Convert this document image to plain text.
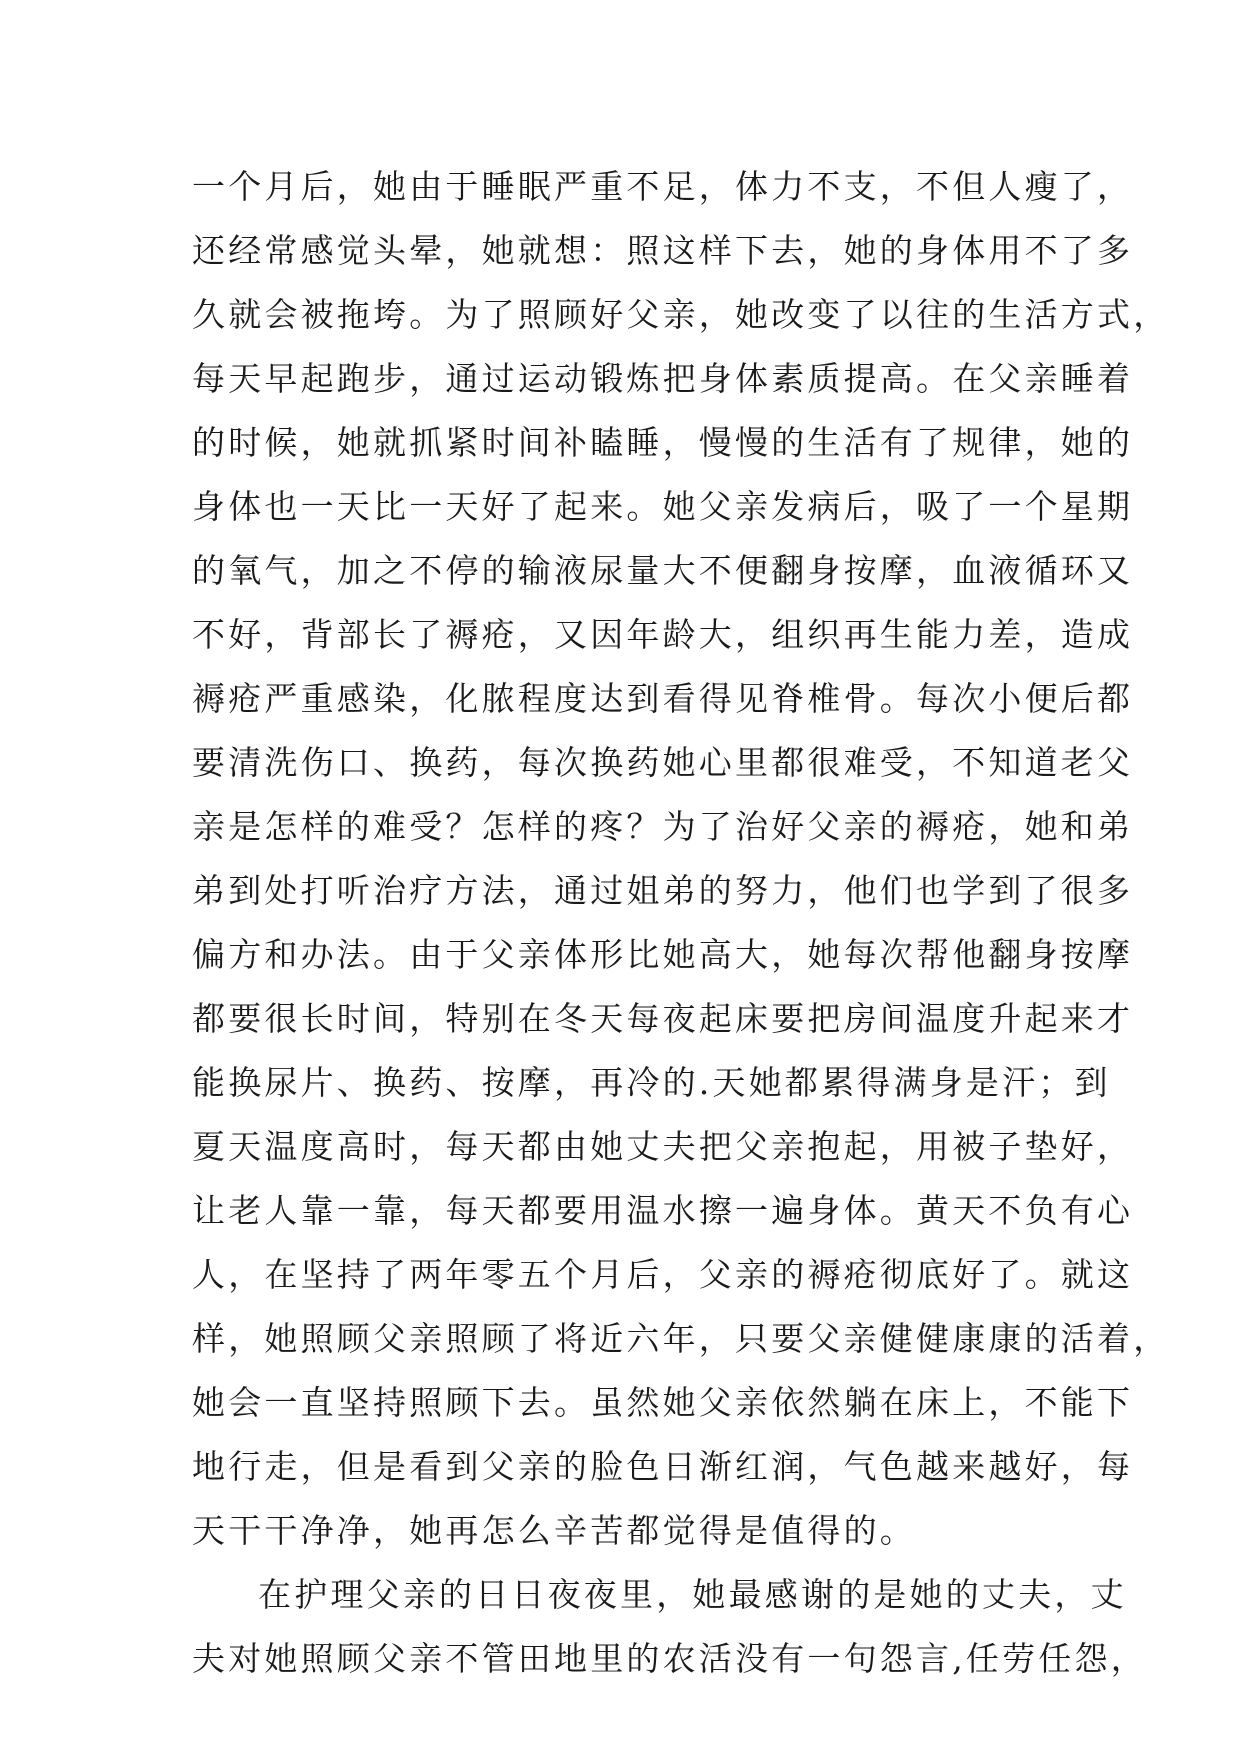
一个月后，她由于睡眠严重不足，体力不支，不但人瘦了，
还经常感觉头晕，她就想：照这样下去，她的身体用不了多
久就会被拖垮。为了照顾好父亲，她改变了以往的生活方式，
每天早起跑步，通过运动锻炼把身体素质提高。在父亲睡着
的时候，她就抓紧时间补瞌睡，慢慢的生活有了规律，她的
身体也一天比一天好了起来。她父亲发病后，吸了一个星期
的氧气，加之不停的输液尿量大不便翻身按摩，血液循环又
不好，背部长了褥疮，又因年龄大，组织再生能力差，造成
褥疮严重感染，化脓程度达到看得见脊椎骨。每次小便后都
要清洗伤口、换药，每次换药她心里都很难受，不知道老父
亲是怎样的难受？怎样的疼？为了治好父亲的褥疮，她和弟
弟到处打听治疗方法，通过姐弟的努力，他们也学到了很多
偏方和办法。由于父亲体形比她高大，她每次帮他翻身按摩
都要很长时间，特别在冬天每夜起床要把房间温度升起来才
能换尿片、换药、按摩，再冷的.天她都累得满身是汗；到
夏天温度高时，每天都由她丈夫把父亲抱起，用被子垫好，
让老人靠一靠，每天都要用温水擦一遍身体。黄天不负有心
人，在坚持了两年零五个月后，父亲的褥疮彻底好了。就这
样，她照顾父亲照顾了将近六年，只要父亲健健康康的活着，
她会一直坚持照顾下去。虽然她父亲依然躺在床上，不能下
地行走，但是看到父亲的脸色日渐红润，气色越来越好，每
天干干净净，她再怎么辛苦都觉得是值得的。
在护理父亲的日日夜夜里，她最感谢的是她的丈夫，丈
夫对她照顾父亲不管田地里的农活没有一句怨言,任劳任怨，
